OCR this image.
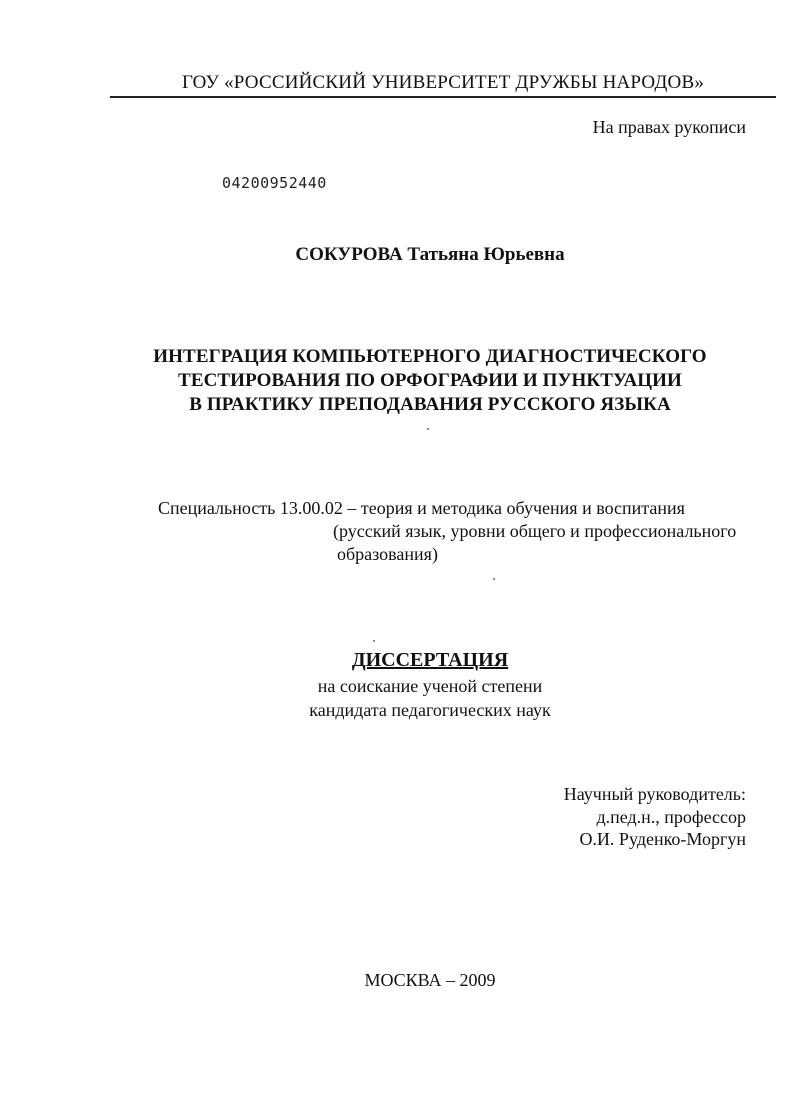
ГОУ «РОССИЙСКИЙ УНИВЕРСИТЕТ ДРУЖБЫ НАРОДОВ»
На правах рукописи
04200952440
СОКУРОВА Татьяна Юрьевна
ИНТЕГРАЦИЯ КОМПЬЮТЕРНОГО ДИАГНОСТИЧЕСКОГО
ТЕСТИРОВАНИЯ ПО ОРФОГРАФИИ И ПУНКТУАЦИИ
В ПРАКТИКУ ПРЕПОДАВАНИЯ РУССКОГО ЯЗЫКА
Специальность 13.00.02 – теория и методика обучения и воспитания
(русский язык, уровни общего и профессионального
образования)
ДИССЕРТАЦИЯ
на соискание ученой степени
кандидата педагогических наук
Научный руководитель:
д.пед.н., профессор
О.И. Руденко-Моргун
МОСКВА – 2009
